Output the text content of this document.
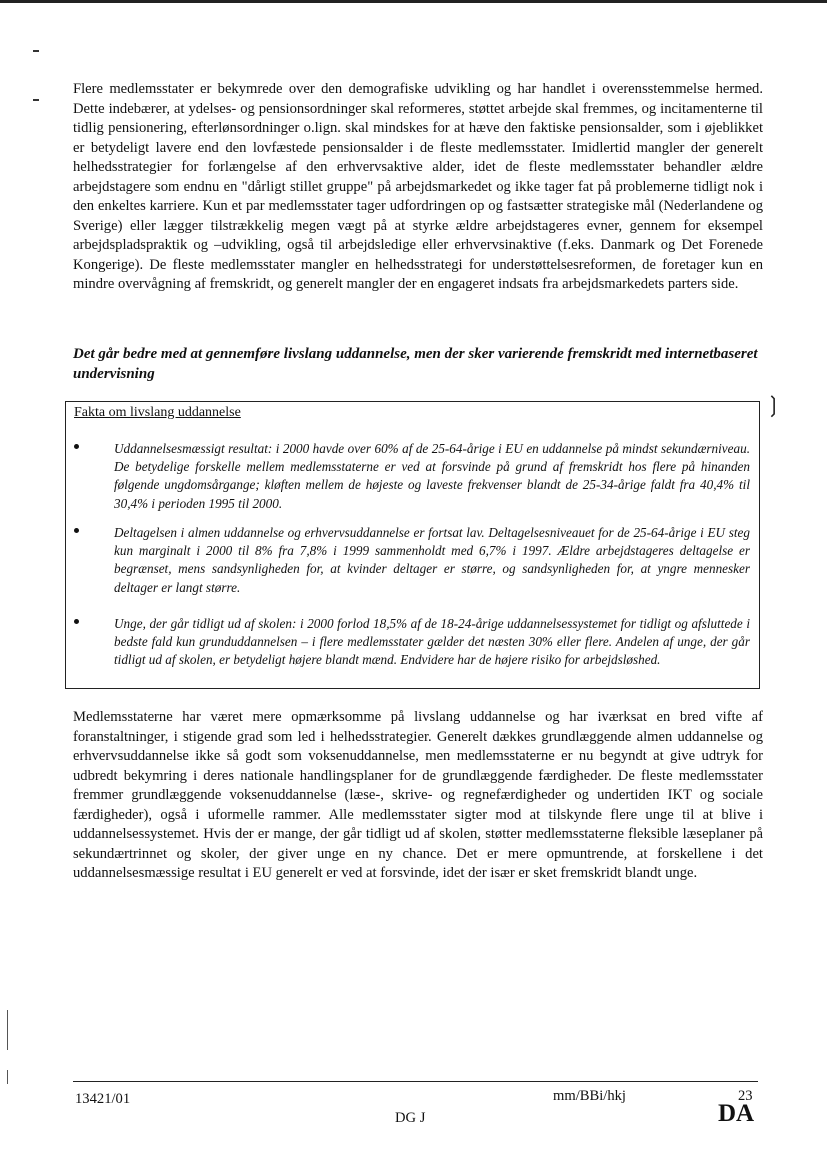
Flere medlemsstater er bekymrede over den demografiske udvikling og har handlet i overensstemmelse hermed. Dette indebærer, at ydelses- og pensionsordninger skal reformeres, støttet arbejde skal fremmes, og incitamenterne til tidlig pensionering, efterlønsordninger o.lign. skal mindskes for at hæve den faktiske pensionsalder, som i øjeblikket er betydeligt lavere end den lovfæstede pensionsalder i de fleste medlemsstater. Imidlertid mangler der generelt helhedsstrategier for forlængelse af den erhvervsaktive alder, idet de fleste medlemsstater behandler ældre arbejdstagere som endnu en "dårligt stillet gruppe" på arbejdsmarkedet og ikke tager fat på problemerne tidligt nok i den enkeltes karriere. Kun et par medlemsstater tager udfordringen op og fastsætter strategiske mål (Nederlandene og Sverige) eller lægger tilstrækkelig megen vægt på at styrke ældre arbejdstageres evner, gennem for eksempel arbejdspladspraktik og –udvikling, også til arbejdsledige eller erhvervsinaktive (f.eks. Danmark og Det Forenede Kongerige). De fleste medlemsstater mangler en helhedsstrategi for understøttelsesreformen, de foretager kun en mindre overvågning af fremskridt, og generelt mangler der en engageret indsats fra arbejdsmarkedets parters side.

Det går bedre med at gennemføre livslang uddannelse, men der sker varierende fremskridt med internetbaseret undervisning

Fakta om livslang uddannelse

Uddannelsesmæssigt resultat: i 2000 havde over 60% af de 25-64-årige i EU en uddannelse på mindst sekundærniveau. De betydelige forskelle mellem medlemsstaterne er ved at forsvinde på grund af fremskridt hos flere på hinanden følgende ungdomsårgange; kløften mellem de højeste og laveste frekvenser blandt de 25-34-årige faldt fra 40,4% til 30,4% i perioden 1995 til 2000.

Deltagelsen i almen uddannelse og erhvervsuddannelse er fortsat lav. Deltagelsesniveauet for de 25-64-årige i EU steg kun marginalt i 2000 til 8% fra 7,8% i 1999 sammenholdt med 6,7% i 1997. Ældre arbejdstageres deltagelse er begrænset, mens sandsynligheden for, at kvinder deltager er større, og sandsynligheden for, at yngre mennesker deltager er langt større.

Unge, der går tidligt ud af skolen: i 2000 forlod 18,5% af de 18-24-årige uddannelsessystemet for tidligt og afsluttede i bedste fald kun grunduddannelsen – i flere medlemsstater gælder det næsten 30% eller flere. Andelen af unge, der går tidligt ud af skolen, er betydeligt højere blandt mænd. Endvidere har de højere risiko for arbejdsløshed.

❳

Medlemsstaterne har været mere opmærksomme på livslang uddannelse og har iværksat en bred vifte af foranstaltninger, i stigende grad som led i helhedsstrategier. Generelt dækkes grundlæggende almen uddannelse og erhvervsuddannelse ikke så godt som voksenuddannelse, men medlemsstaterne er nu begyndt at give udtryk for udbredt bekymring i deres nationale handlingsplaner for de grundlæggende færdigheder. De fleste medlemsstater fremmer grundlæggende voksenuddannelse (læse-, skrive- og regnefærdigheder og undertiden IKT og sociale færdigheder), også i uformelle rammer. Alle medlemsstater sigter mod at tilskynde flere unge til at blive i uddannelsessystemet. Hvis der er mange, der går tidligt ud af skolen, støtter medlemsstaterne fleksible læseplaner på sekundærtrinnet og skoler, der giver unge en ny chance. Det er mere opmuntrende, at forskellene i det uddannelsesmæssige resultat i EU generelt er ved at forsvinde, idet der især er sket fremskridt blandt unge.

13421/01	mm/BBi/hkj	23

DG J	DA
